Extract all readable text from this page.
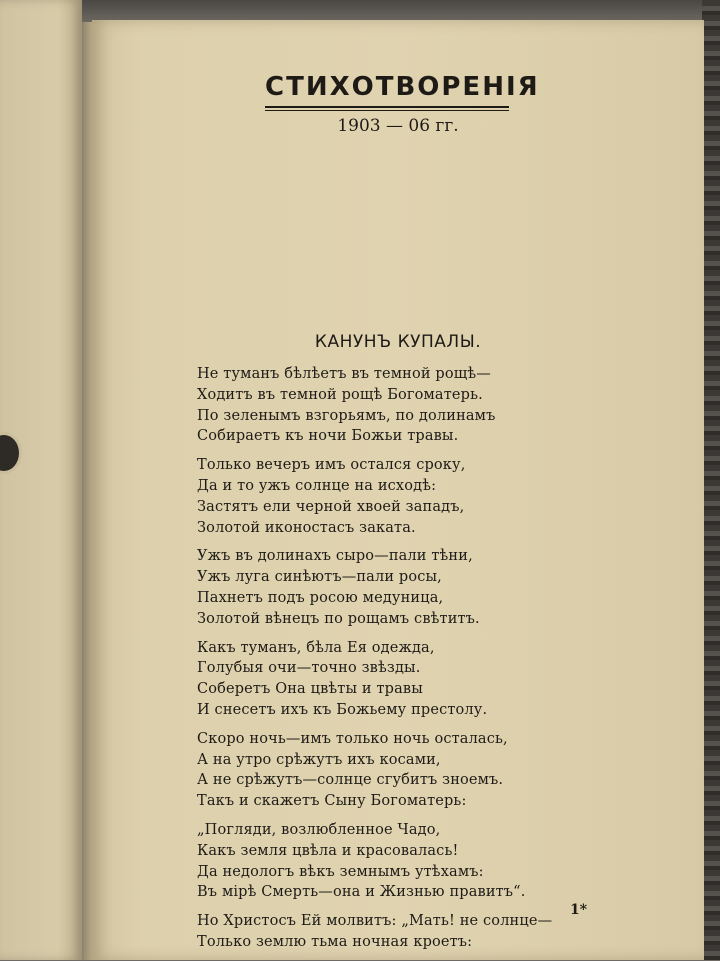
СТИХОТВОРЕНІЯ
1903 — 06 гг.
КАНУНЪ КУПАЛЫ.
Не туманъ бѣлѣетъ въ темной рощѣ—
Ходитъ въ темной рощѣ Богоматерь.
По зеленымъ взгорьямъ, по долинамъ
Собираетъ къ ночи Божьи травы.
Только вечеръ имъ остался сроку,
Да и то ужъ солнце на исходѣ:
Застятъ ели черной хвоей западъ,
Золотой иконостасъ заката.
Ужъ въ долинахъ сыро—пали тѣни,
Ужъ луга синѣютъ—пали росы,
Пахнетъ подъ росою медуница,
Золотой вѣнецъ по рощамъ свѣтитъ.
Какъ туманъ, бѣла Ея одежда,
Голубыя очи—точно звѣзды.
Соберетъ Она цвѣты и травы
И снесетъ ихъ къ Божьему престолу.
Скоро ночь—имъ только ночь осталась,
А на утро срѣжутъ ихъ косами,
А не срѣжутъ—солнце сгубитъ зноемъ.
Такъ и скажетъ Сыну Богоматерь:
„Погляди, возлюбленное Чадо,
Какъ земля цвѣла и красовалась!
Да недологъ вѣкъ земнымъ утѣхамъ:
Въ мірѣ Смерть—она и Жизнью правитъ“.
Но Христосъ Ей молвитъ: „Мать! не солнце—
Только землю тьма ночная кроетъ:
1*
